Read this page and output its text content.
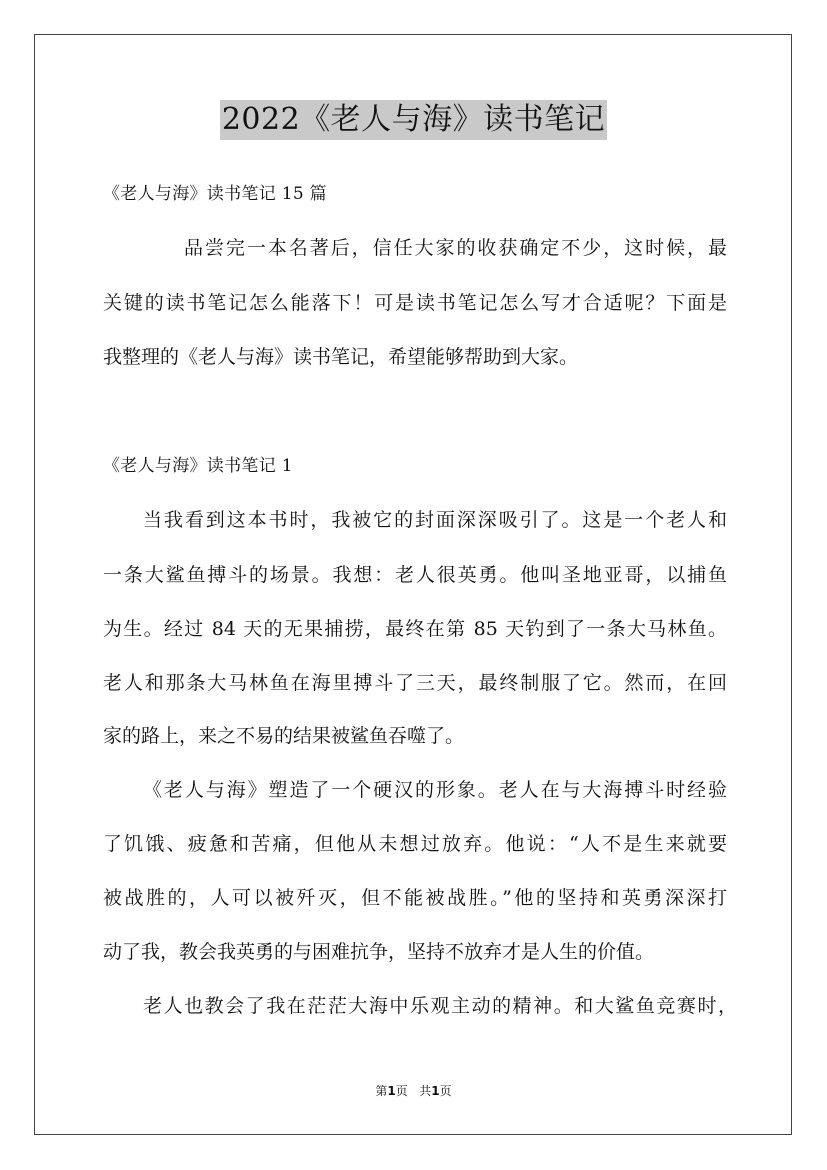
2022《老人与海》读书笔记
《老人与海》读书笔记 15 篇
品尝完一本名著后，信任大家的收获确定不少，这时候，最
关键的读书笔记怎么能落下！可是读书笔记怎么写才合适呢？下面是
我整理的《老人与海》读书笔记，希望能够帮助到大家。
《老人与海》读书笔记 1
当我看到这本书时，我被它的封面深深吸引了。这是一个老人和
一条大鲨鱼搏斗的场景。我想：老人很英勇。他叫圣地亚哥，以捕鱼
为生。经过 84 天的无果捕捞，最终在第 85 天钓到了一条大马林鱼。
老人和那条大马林鱼在海里搏斗了三天，最终制服了它。然而，在回
家的路上，来之不易的结果被鲨鱼吞噬了。
《老人与海》塑造了一个硬汉的形象。老人在与大海搏斗时经验
了饥饿、疲惫和苦痛，但他从未想过放弃。他说：“人不是生来就要
被战胜的，人可以被歼灭，但不能被战胜。”他的坚持和英勇深深打
动了我，教会我英勇的与困难抗争，坚持不放弃才是人生的价值。
老人也教会了我在茫茫大海中乐观主动的精神。和大鲨鱼竞赛时，
第1页 共1页
